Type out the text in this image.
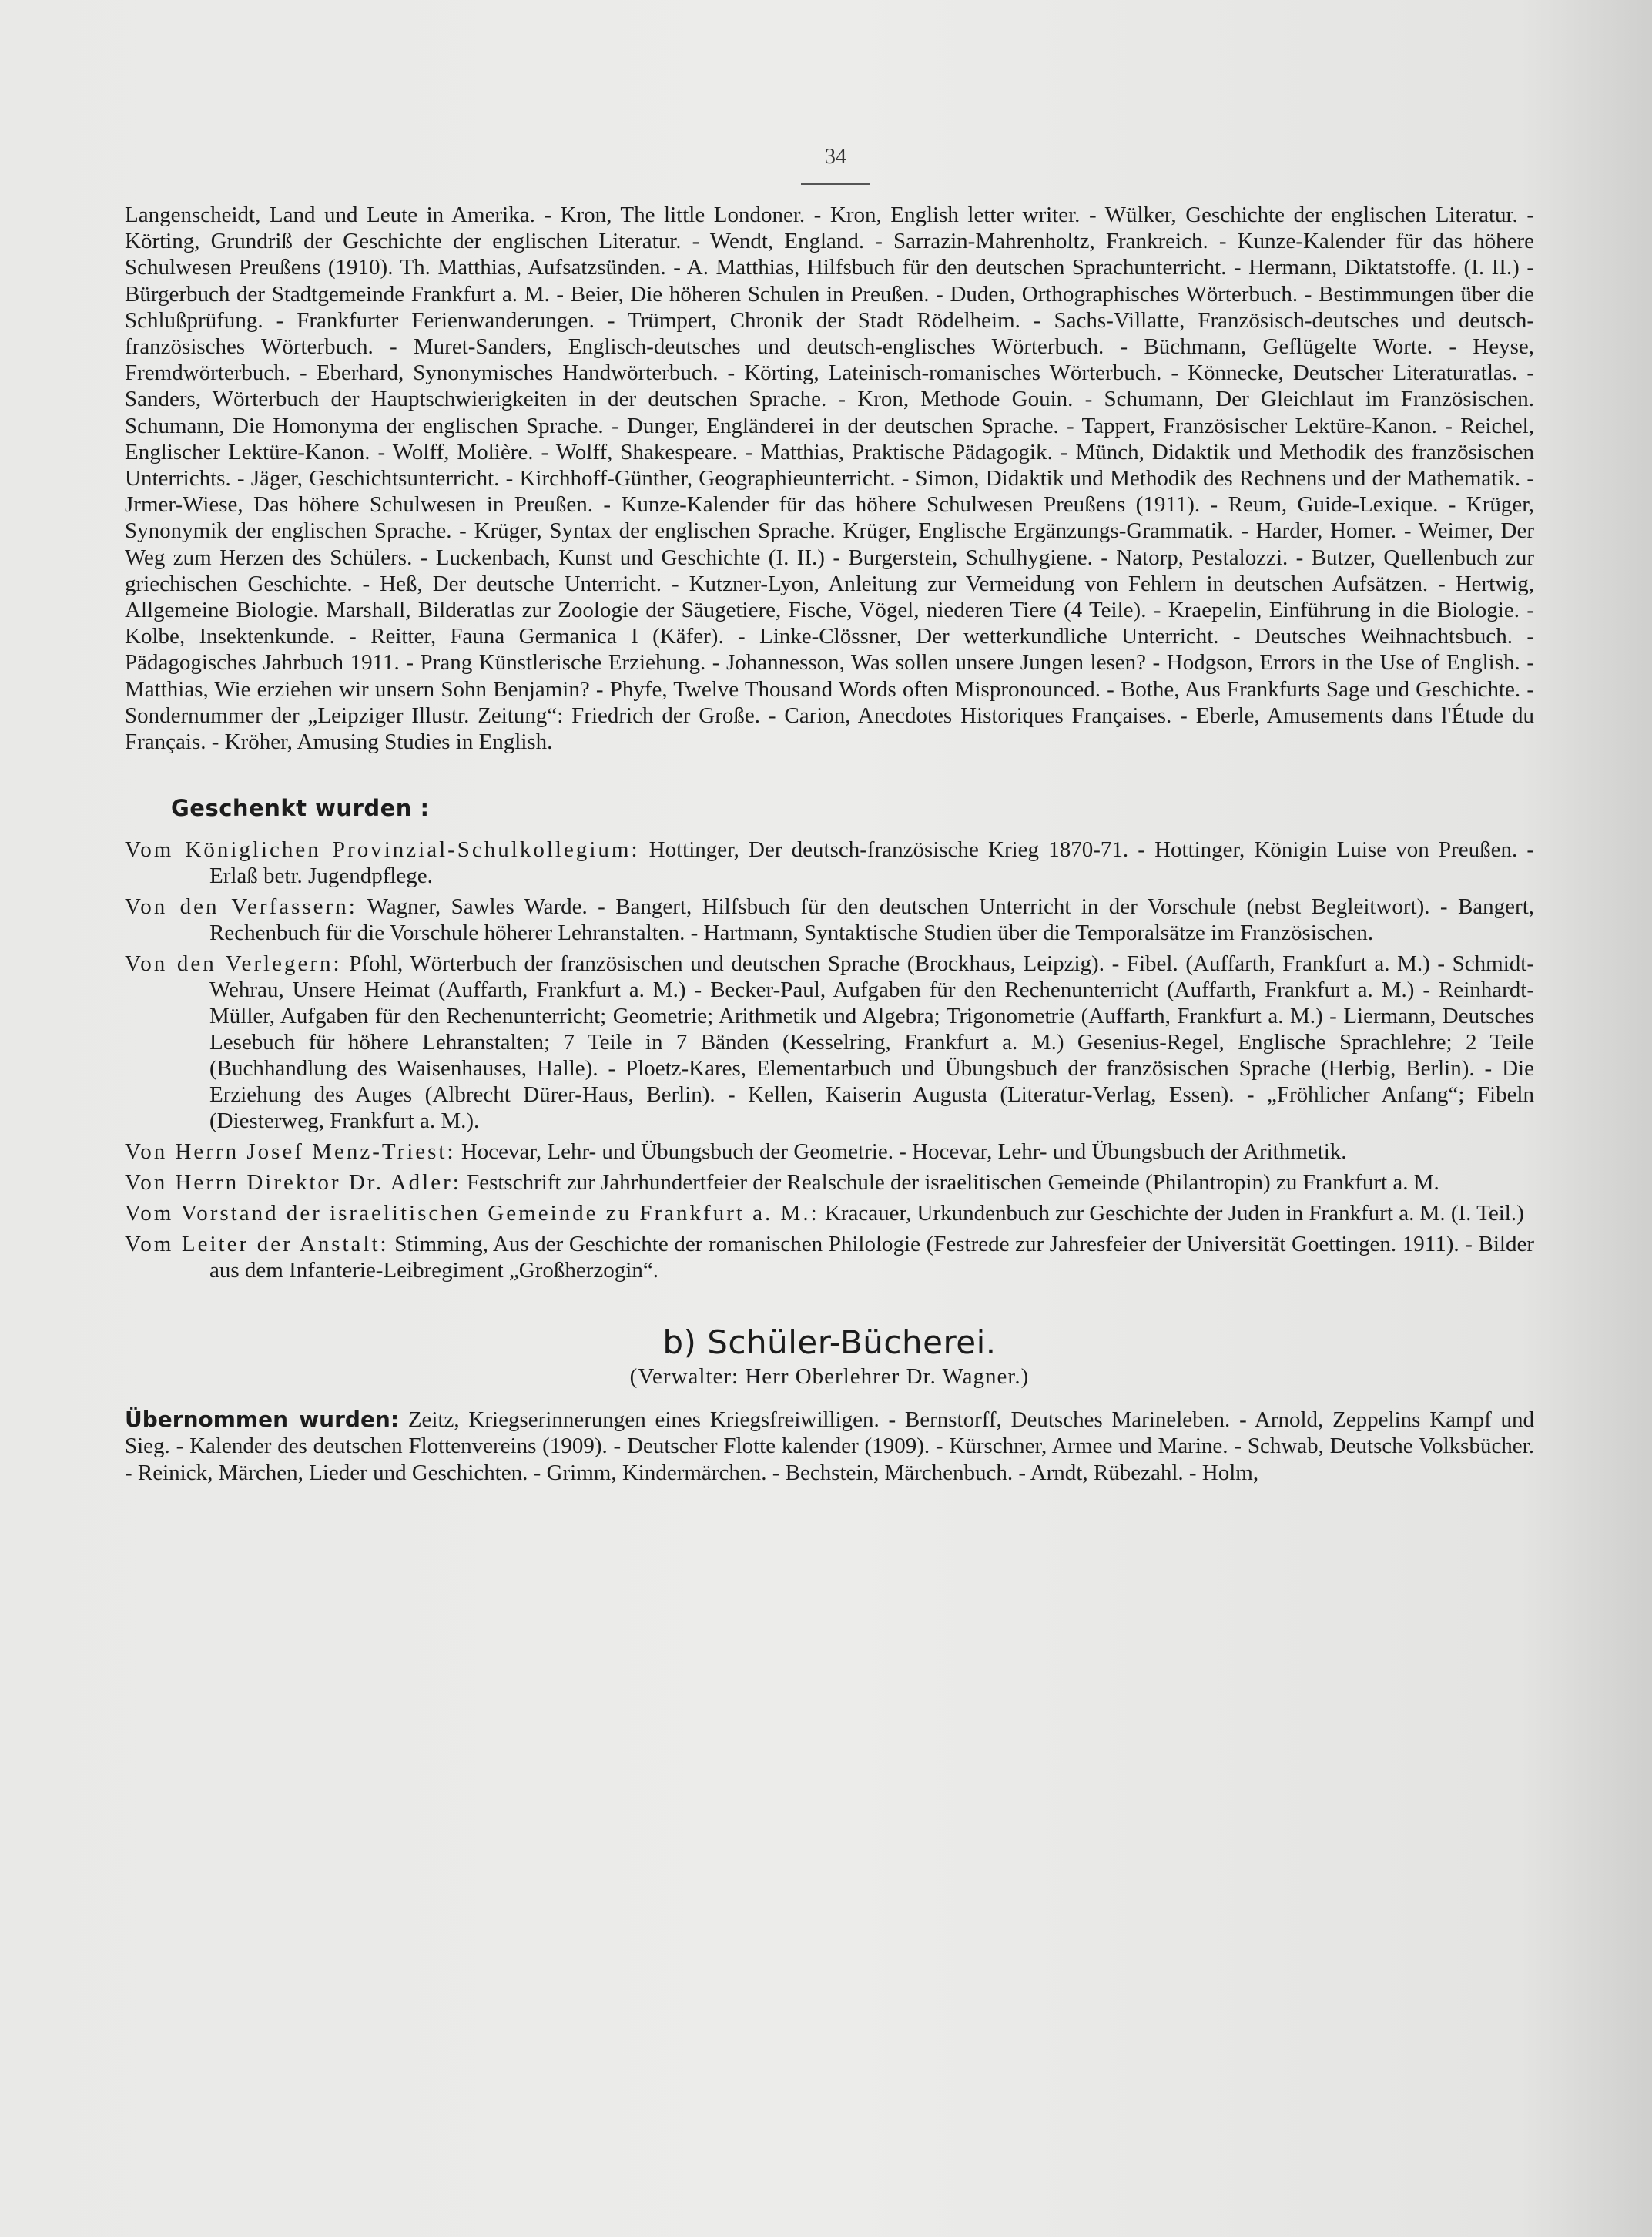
34

Langenscheidt, Land und Leute in Amerika. - Kron, The little Londoner. - Kron, English letter writer. - Wülker, Geschichte der englischen Literatur. - Körting, Grundriß der Geschichte der englischen Literatur. - Wendt, England. - Sarrazin-Mahrenholtz, Frankreich. - Kunze-Kalender für das höhere Schulwesen Preußens (1910). Th. Matthias, Aufsatzsünden. - A. Matthias, Hilfsbuch für den deutschen Sprachunterricht. - Hermann, Diktatstoffe. (I. II.) - Bürgerbuch der Stadtgemeinde Frankfurt a. M. - Beier, Die höheren Schulen in Preußen. - Duden, Orthographisches Wörterbuch. - Bestimmungen über die Schlußprüfung. - Frankfurter Ferienwanderungen. - Trümpert, Chronik der Stadt Rödelheim. - Sachs-Villatte, Französisch-deutsches und deutsch-französisches Wörterbuch. - Muret-Sanders, Englisch-deutsches und deutsch-englisches Wörterbuch. - Büchmann, Geflügelte Worte. - Heyse, Fremdwörterbuch. - Eberhard, Synonymisches Handwörterbuch. - Körting, Lateinisch-romanisches Wörterbuch. - Könnecke, Deutscher Literaturatlas. - Sanders, Wörterbuch der Hauptschwierigkeiten in der deutschen Sprache. - Kron, Methode Gouin. - Schumann, Der Gleichlaut im Französischen. Schumann, Die Homonyma der englischen Sprache. - Dunger, Engländerei in der deutschen Sprache. - Tappert, Französischer Lektüre-Kanon. - Reichel, Englischer Lektüre-Kanon. - Wolff, Molière. - Wolff, Shakespeare. - Matthias, Praktische Pädagogik. - Münch, Didaktik und Methodik des französischen Unterrichts. - Jäger, Geschichtsunterricht. - Kirchhoff-Günther, Geographieunterricht. - Simon, Didaktik und Methodik des Rechnens und der Mathematik. - Jrmer-Wiese, Das höhere Schulwesen in Preußen. - Kunze-Kalender für das höhere Schulwesen Preußens (1911). - Reum, Guide-Lexique. - Krüger, Synonymik der englischen Sprache. - Krüger, Syntax der englischen Sprache. Krüger, Englische Ergänzungs-Grammatik. - Harder, Homer. - Weimer, Der Weg zum Herzen des Schülers. - Luckenbach, Kunst und Geschichte (I. II.) - Burgerstein, Schulhygiene. - Natorp, Pestalozzi. - Butzer, Quellenbuch zur griechischen Geschichte. - Heß, Der deutsche Unterricht. - Kutzner-Lyon, Anleitung zur Vermeidung von Fehlern in deutschen Aufsätzen. - Hertwig, Allgemeine Biologie. Marshall, Bilderatlas zur Zoologie der Säugetiere, Fische, Vögel, niederen Tiere (4 Teile). - Kraepelin, Einführung in die Biologie. - Kolbe, Insektenkunde. - Reitter, Fauna Germanica I (Käfer). - Linke-Clössner, Der wetterkundliche Unterricht. - Deutsches Weihnachtsbuch. - Pädagogisches Jahrbuch 1911. - Prang Künstlerische Erziehung. - Johannesson, Was sollen unsere Jungen lesen? - Hodgson, Errors in the Use of English. - Matthias, Wie erziehen wir unsern Sohn Benjamin? - Phyfe, Twelve Thousand Words often Mispronounced. - Bothe, Aus Frankfurts Sage und Geschichte. - Sondernummer der „Leipziger Illustr. Zeitung“: Friedrich der Große. - Carion, Anecdotes Historiques Françaises. - Eberle, Amusements dans l'Étude du Français. - Kröher, Amusing Studies in English.

Geschenkt wurden :

Vom Königlichen Provinzial-Schulkollegium: Hottinger, Der deutsch-französische Krieg 1870-71. - Hottinger, Königin Luise von Preußen. - Erlaß betr. Jugendpflege.

Von den Verfassern: Wagner, Sawles Warde. - Bangert, Hilfsbuch für den deutschen Unterricht in der Vorschule (nebst Begleitwort). - Bangert, Rechenbuch für die Vorschule höherer Lehranstalten. - Hartmann, Syntaktische Studien über die Temporalsätze im Französischen.

Von den Verlegern: Pfohl, Wörterbuch der französischen und deutschen Sprache (Brockhaus, Leipzig). - Fibel. (Auffarth, Frankfurt a. M.) - Schmidt-Wehrau, Unsere Heimat (Auffarth, Frankfurt a. M.) - Becker-Paul, Aufgaben für den Rechenunterricht (Auffarth, Frankfurt a. M.) - Reinhardt-Müller, Aufgaben für den Rechenunterricht; Geometrie; Arithmetik und Algebra; Trigonometrie (Auffarth, Frankfurt a. M.) - Liermann, Deutsches Lesebuch für höhere Lehranstalten; 7 Teile in 7 Bänden (Kesselring, Frankfurt a. M.) Gesenius-Regel, Englische Sprachlehre; 2 Teile (Buchhandlung des Waisenhauses, Halle). - Ploetz-Kares, Elementarbuch und Übungsbuch der französischen Sprache (Herbig, Berlin). - Die Erziehung des Auges (Albrecht Dürer-Haus, Berlin). - Kellen, Kaiserin Augusta (Literatur-Verlag, Essen). - „Fröhlicher Anfang“; Fibeln (Diesterweg, Frankfurt a. M.).

Von Herrn Josef Menz-Triest: Hocevar, Lehr- und Übungsbuch der Geometrie. - Hocevar, Lehr- und Übungsbuch der Arithmetik.

Von Herrn Direktor Dr. Adler: Festschrift zur Jahrhundertfeier der Realschule der israelitischen Gemeinde (Philantropin) zu Frankfurt a. M.

Vom Vorstand der israelitischen Gemeinde zu Frankfurt a. M.: Kracauer, Urkundenbuch zur Geschichte der Juden in Frankfurt a. M. (I. Teil.)

Vom Leiter der Anstalt: Stimming, Aus der Geschichte der romanischen Philologie (Festrede zur Jahresfeier der Universität Goettingen. 1911). - Bilder aus dem Infanterie-Leibregiment „Großherzogin“.

b) Schüler-Bücherei.
(Verwalter: Herr Oberlehrer Dr. Wagner.)

Übernommen wurden: Zeitz, Kriegserinnerungen eines Kriegsfreiwilligen. - Bernstorff, Deutsches Marineleben. - Arnold, Zeppelins Kampf und Sieg. - Kalender des deutschen Flottenvereins (1909). - Deutscher Flotte kalender (1909). - Kürschner, Armee und Marine. - Schwab, Deutsche Volksbücher. - Reinick, Märchen, Lieder und Geschichten. - Grimm, Kindermärchen. - Bechstein, Märchenbuch. - Arndt, Rübezahl. - Holm,
